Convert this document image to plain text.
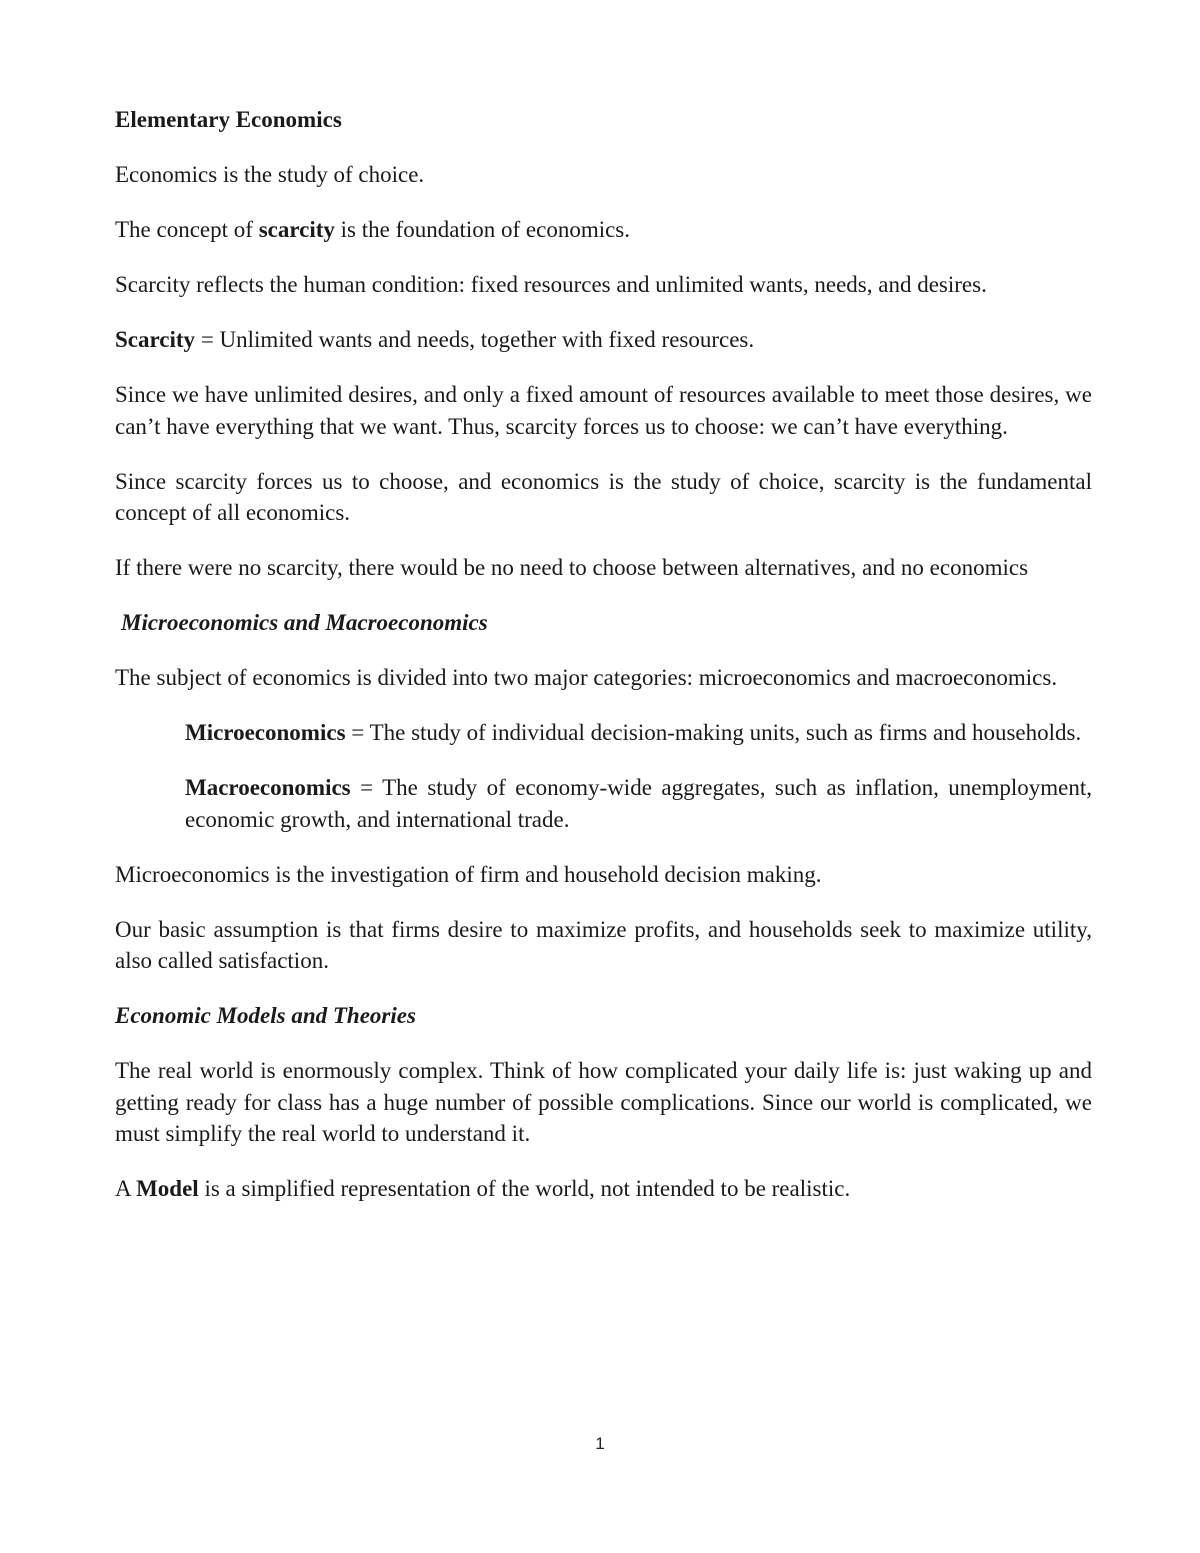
Elementary Economics

Economics is the study of choice.

The concept of scarcity is the foundation of economics.

Scarcity reflects the human condition: fixed resources and unlimited wants, needs, and desires.

Scarcity = Unlimited wants and needs, together with fixed resources.

Since we have unlimited desires, and only a fixed amount of resources available to meet those desires, we can’t have everything that we want. Thus, scarcity forces us to choose: we can’t have everything.

Since scarcity forces us to choose, and economics is the study of choice, scarcity is the fundamental concept of all economics.

If there were no scarcity, there would be no need to choose between alternatives, and no economics

Microeconomics and Macroeconomics

The subject of economics is divided into two major categories: microeconomics and macroeconomics.

Microeconomics = The study of individual decision-making units, such as firms and households.

Macroeconomics = The study of economy-wide aggregates, such as inflation, unemployment, economic growth, and international trade.

Microeconomics is the investigation of firm and household decision making.

Our basic assumption is that firms desire to maximize profits, and households seek to maximize utility, also called satisfaction.

Economic Models and Theories

The real world is enormously complex. Think of how complicated your daily life is: just waking up and getting ready for class has a huge number of possible complications. Since our world is complicated, we must simplify the real world to understand it.

A Model is a simplified representation of the world, not intended to be realistic.

1
